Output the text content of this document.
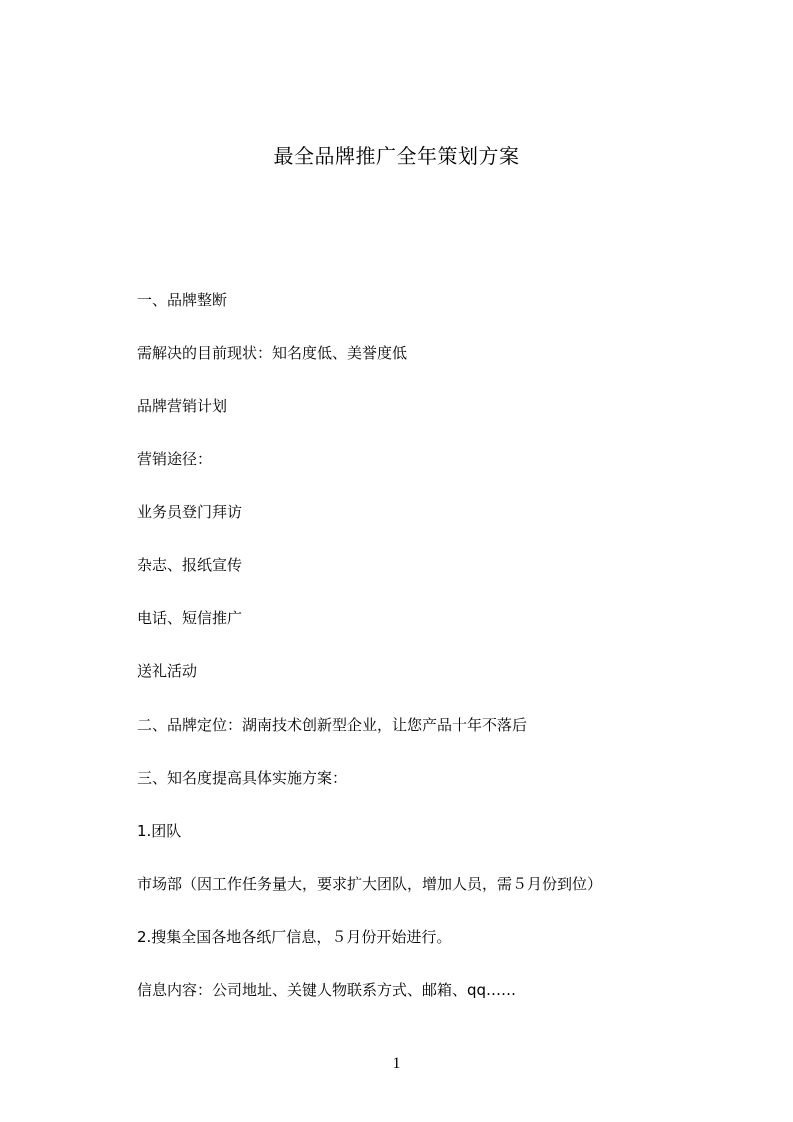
最全品牌推广全年策划方案
一、品牌整断
需解决的目前现状：知名度低、美誉度低
品牌营销计划
营销途径：
业务员登门拜访
杂志、报纸宣传
电话、短信推广
送礼活动
二、品牌定位：湖南技术创新型企业，让您产品十年不落后
三、知名度提高具体实施方案：
1.团队
市场部（因工作任务量大，要求扩大团队，增加人员，需５月份到位）
2.搜集全国各地各纸厂信息，５月份开始进行。
信息内容：公司地址、关键人物联系方式、邮箱、qq……
1
